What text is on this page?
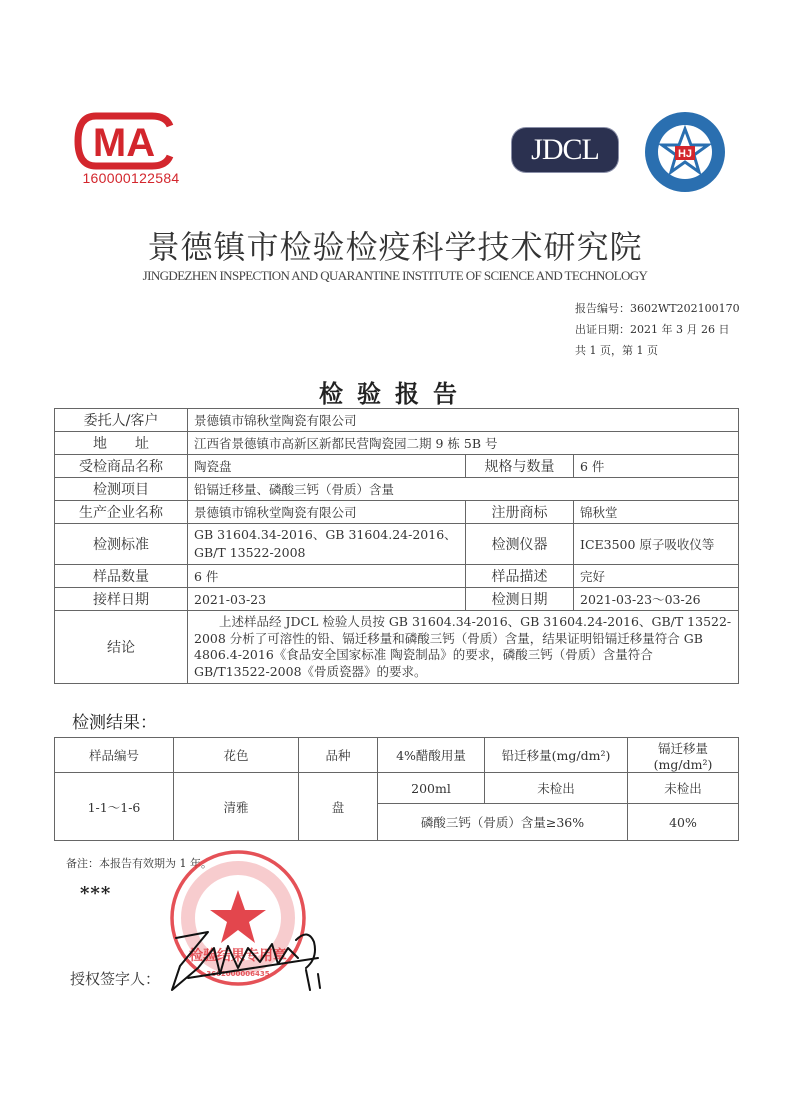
MA
160000122584
JDCL	HJ
景德镇市检验检疫科学技术研究院
JINGDEZHEN INSPECTION AND QUARANTINE INSTITUTE OF SCIENCE AND TECHNOLOGY
报告编号：3602WT202100170
出证日期：2021 年 3 月 26 日
共 1 页，第 1 页
检验报告
委托人/客户	景德镇市锦秋堂陶瓷有限公司		
地　　址	江西省景德镇市高新区新都民营陶瓷园二期 9 栋 5B 号		
受检商品名称	陶瓷盘	规格与数量	6 件
检测项目	铅镉迁移量、磷酸三钙（骨质）含量		
生产企业名称	景德镇市锦秋堂陶瓷有限公司	注册商标	锦秋堂
检测标准	GB 31604.34-2016、GB 31604.24-2016、GB/T 13522-2008	检测仪器	ICE3500 原子吸收仪等
样品数量	6 件	样品描述	完好
接样日期	2021-03-23	检测日期	2021-03-23～03-26
结论	　　上述样品经 JDCL 检验人员按 GB 31604.34-2016、GB 31604.24-2016、GB/T 13522-2008 分析了可溶性的铅、镉迁移量和磷酸三钙（骨质）含量，结果证明铅镉迁移量符合 GB 4806.4-2016《食品安全国家标准 陶瓷制品》的要求，磷酸三钙（骨质）含量符合 GB/T13522-2008《骨质瓷器》的要求。		
检测结果：
样品编号	花色	品种	4%醋酸用量	铅迁移量(mg/dm²)	镉迁移量(mg/dm²)
1-1～1-6	清雅	盘	200ml	未检出	未检出
			磷酸三钙（骨质）含量≥36%		40%
备注：本报告有效期为 1 年。
***
授权签字人：
检验结果专用章
3602000006435
